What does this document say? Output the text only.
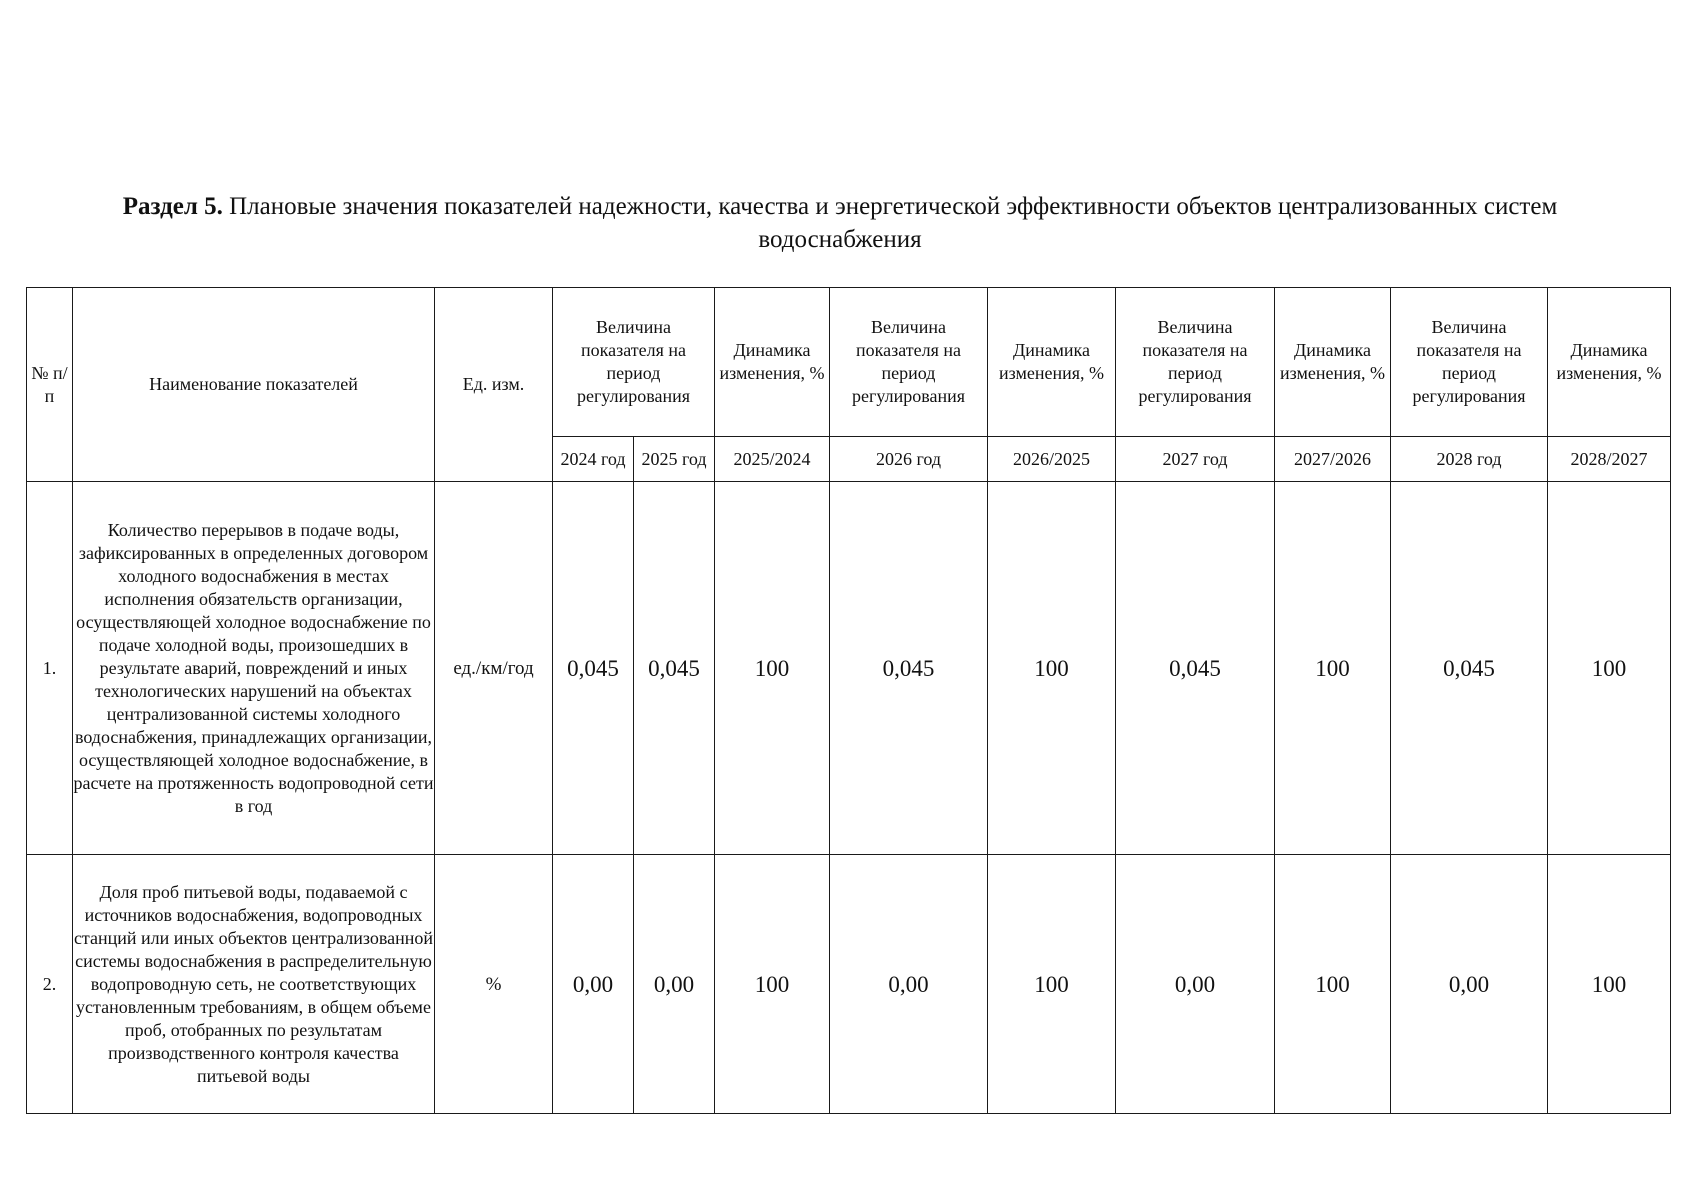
Раздел 5. Плановые значения показателей надежности, качества и энергетической эффективности объектов централизованных систем водоснабжения
№ п/п	Наименование показателей	Ед. изм.	Величина показателя на период регулирования		Динамика изменения, %	Величина показателя на период регулирования	Динамика изменения, %	Величина показателя на период регулирования	Динамика изменения, %	Величина показателя на период регулирования	Динамика изменения, %
			2024 год	2025 год	2025/2024	2026 год	2026/2025	2027 год	2027/2026	2028 год	2028/2027
1.	Количество перерывов в подаче воды, зафиксированных в определенных договором холодного водоснабжения в местах исполнения обязательств организации, осуществляющей холодное водоснабжение по подаче холодной воды, произошедших в результате аварий, повреждений и иных технологических нарушений на объектах централизованной системы холодного водоснабжения, принадлежащих организации, осуществляющей холодное водоснабжение, в расчете на протяженность водопроводной сети в год	ед./км/год	0,045	0,045	100	0,045	100	0,045	100	0,045	100
2.	Доля проб питьевой воды, подаваемой с источников водоснабжения, водопроводных станций или иных объектов централизованной системы водоснабжения в распределительную водопроводную сеть, не соответствующих установленным требованиям, в общем объеме проб, отобранных по результатам производственного контроля качества питьевой воды	%	0,00	0,00	100	0,00	100	0,00	100	0,00	100
